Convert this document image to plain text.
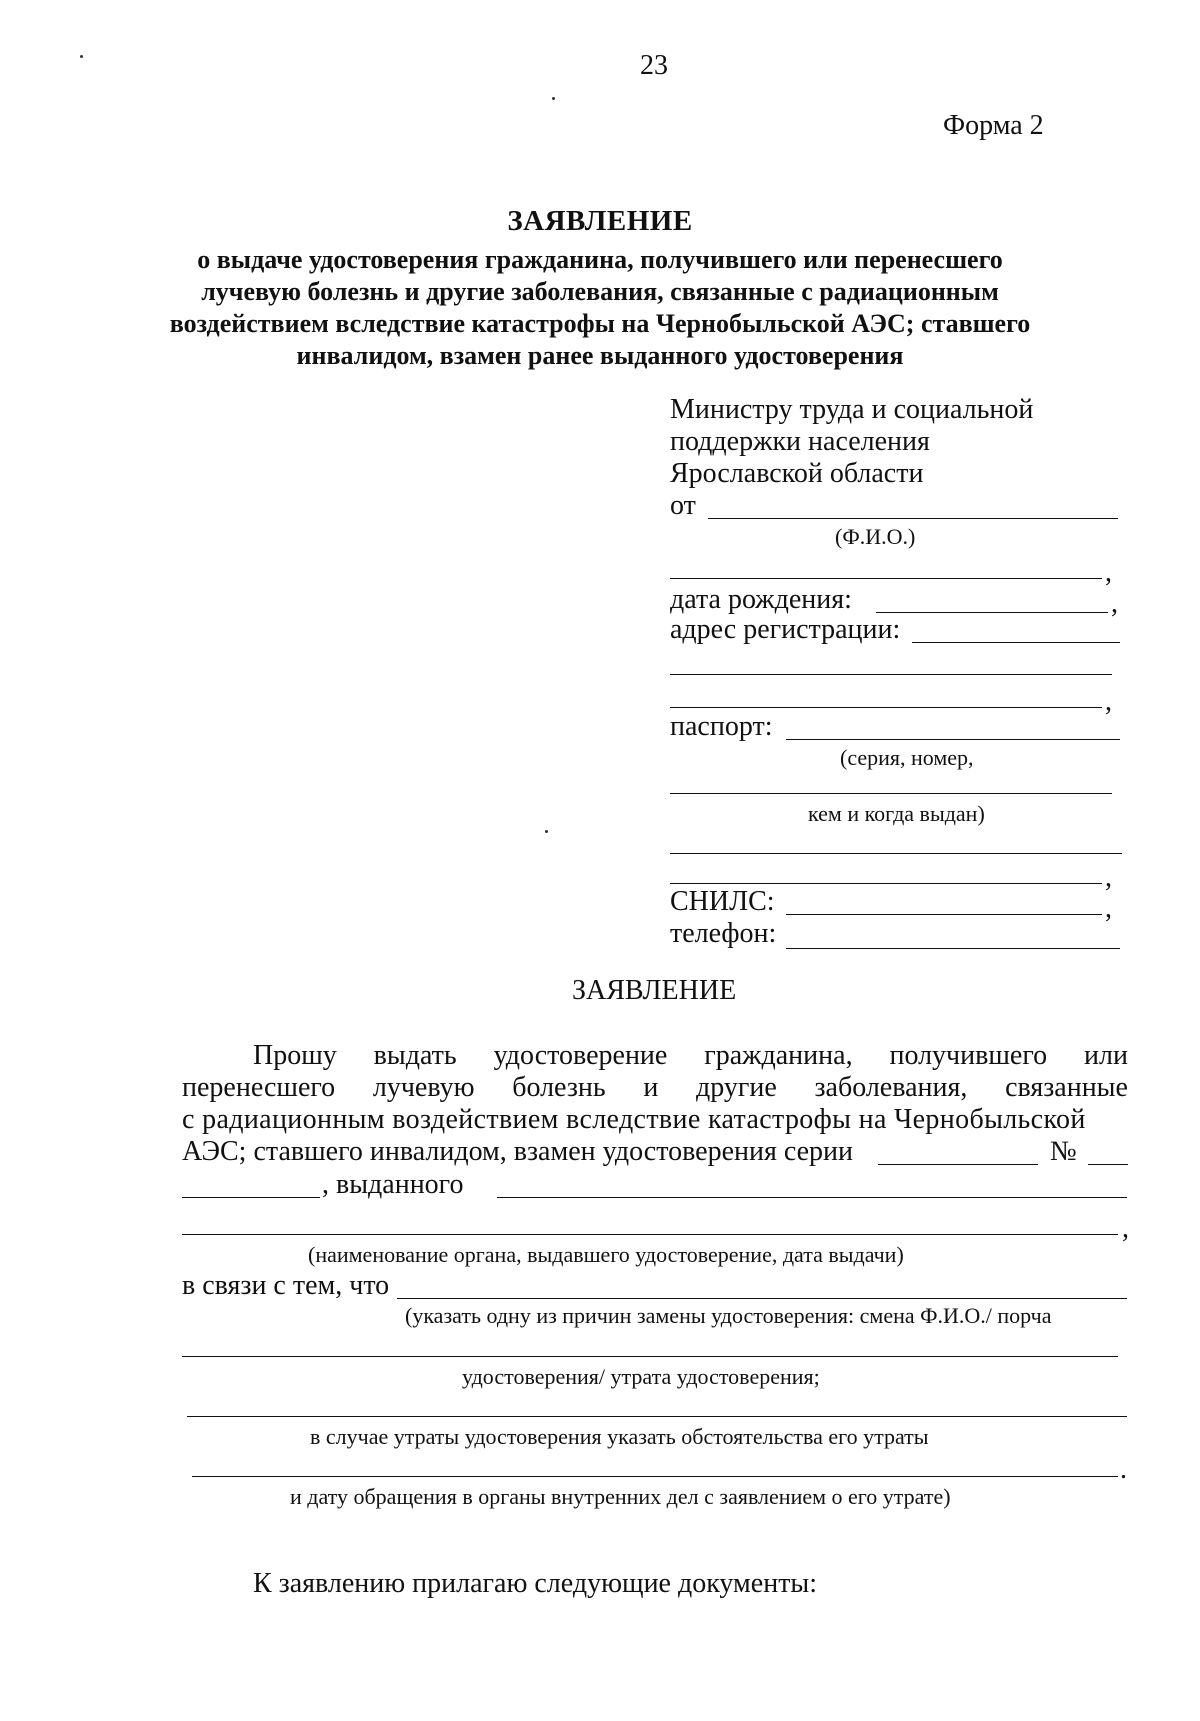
23
Форма 2
ЗАЯВЛЕНИЕ
о выдаче удостоверения гражданина, получившего или перенесшего
лучевую болезнь и другие заболевания, связанные с радиационным
воздействием вследствие катастрофы на Чернобыльской АЭС; ставшего
инвалидом, взамен ранее выданного удостоверения
Министру труда и социальной
поддержки населения
Ярославской области
от
(Ф.И.О.)
,
дата рождения:	,
адрес регистрации:
,
паспорт:
(серия, номер,
кем и когда выдан)
,
СНИЛС:	,
телефон:
ЗАЯВЛЕНИЕ
Прошу выдать удостоверение гражданина, получившего или
перенесшего лучевую болезнь и другие заболевания, связанные
с радиационным воздействием вследствие катастрофы на Чернобыльской
АЭС; ставшего инвалидом, взамен удостоверения серии	№
, выданного
,
(наименование органа, выдавшего удостоверение, дата выдачи)
в связи с тем, что
(указать одну из причин замены удостоверения: смена Ф.И.О./ порча
удостоверения/ утрата удостоверения;
в случае утраты удостоверения указать обстоятельства его утраты
.
и дату обращения в органы внутренних дел с заявлением о его утрате)
К заявлению прилагаю следующие документы:
